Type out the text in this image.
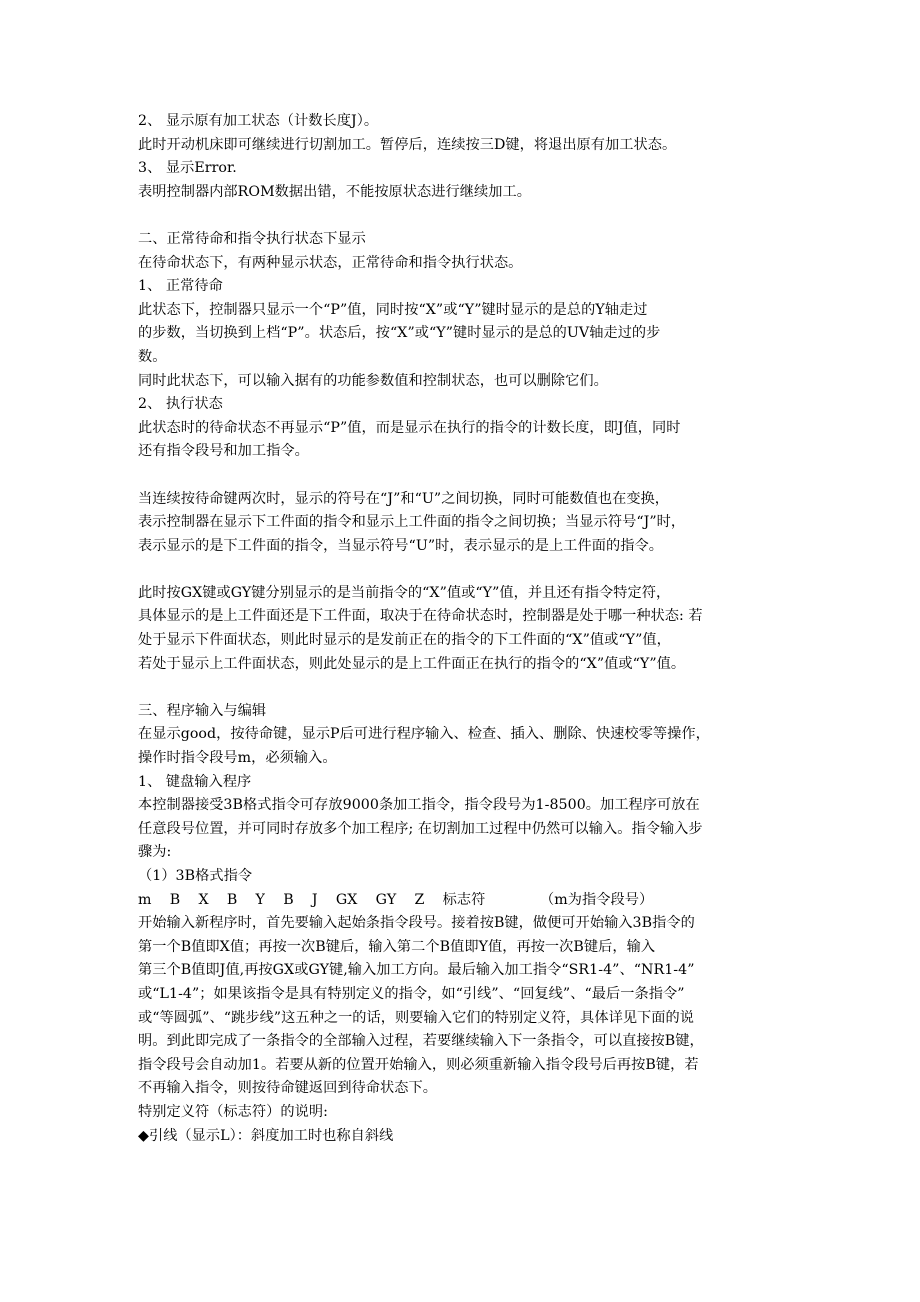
2、 显示原有加工状态（计数长度J）。
此时开动机床即可继续进行切割加工。暂停后，连续按三D键，将退出原有加工状态。
3、 显示Error.
表明控制器内部ROM数据出错，不能按原状态进行继续加工。
二、正常待命和指令执行状态下显示
在待命状态下，有两种显示状态，正常待命和指令执行状态。
1、 正常待命
此状态下，控制器只显示一个“P”值，同时按“X”或“Y”键时显示的是总的Y轴走过
的步数，当切换到上档“P”。状态后，按“X”或“Y”键时显示的是总的UV轴走过的步
数。
同时此状态下，可以输入据有的功能参数值和控制状态，也可以删除它们。
2、 执行状态
此状态时的待命状态不再显示“P”值，而是显示在执行的指令的计数长度，即J值，同时
还有指令段号和加工指令。
当连续按待命键两次时，显示的符号在“J”和“U”之间切换，同时可能数值也在变换，
表示控制器在显示下工件面的指令和显示上工件面的指令之间切换；当显示符号“J”时，
表示显示的是下工件面的指令，当显示符号“U”时，表示显示的是上工件面的指令。
此时按GX键或GY键分别显示的是当前指令的“X”值或“Y”值，并且还有指令特定符，
具体显示的是上工件面还是下工件面，取决于在待命状态时，控制器是处于哪一种状态: 若
处于显示下件面状态，则此时显示的是发前正在的指令的下工件面的“X”值或“Y”值，
若处于显示上工件面状态，则此处显示的是上工件面正在执行的指令的“X”值或“Y”值。
三、程序输入与编辑
在显示good，按待命键，显示P后可进行程序输入、检查、插入、删除、快速校零等操作，
操作时指令段号m，必须输入。
1、 键盘输入程序
本控制器接受3B格式指令可存放9000条加工指令，指令段号为1-8500。加工程序可放在
任意段号位置，并可同时存放多个加工程序; 在切割加工过程中仍然可以输入。指令输入步
骤为:
（1）3B格式指令
m    B    X    B    Y    B    J    GX    GY    Z    标志符            （m为指令段号）
开始输入新程序时，首先要输入起始条指令段号。接着按B键，做便可开始输入3B指令的
第一个B值即X值；再按一次B键后，输入第二个B值即Y值，再按一次B键后，输入
第三个B值即J值,再按GX或GY键,输入加工方向。最后输入加工指令“SR1-4”、“NR1-4”
或“L1-4”；如果该指令是具有特别定义的指令，如“引线”、“回复线”、“最后一条指令”
或“等圆弧”、“跳步线”这五种之一的话，则要输入它们的特别定义符，具体详见下面的说
明。到此即完成了一条指令的全部输入过程，若要继续输入下一条指令，可以直接按B键，
指令段号会自动加1。若要从新的位置开始输入，则必须重新输入指令段号后再按B键，若
不再输入指令，则按待命键返回到待命状态下。
特别定义符（标志符）的说明:
◆引线（显示L）：斜度加工时也称自斜线
